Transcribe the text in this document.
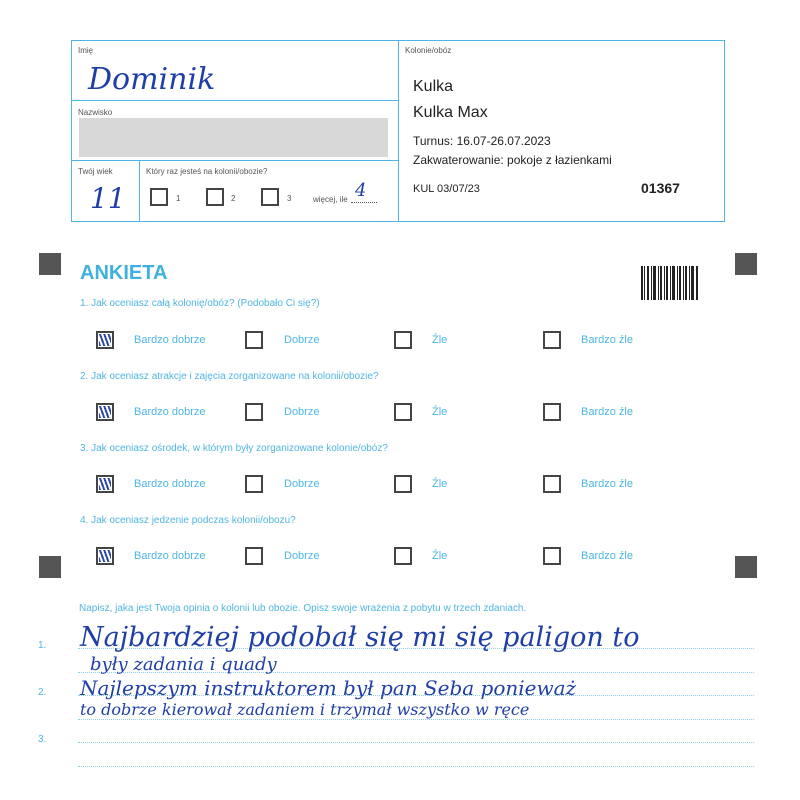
Imię
Dominik
Nazwisko
Twój wiek
11
Który raz jesteś na kolonii/obozie?
1	2	3	więcej, ile 4
Kolonie/obóz
Kulka
Kulka Max
Turnus: 16.07-26.07.2023
Zakwaterowanie: pokoje z łazienkami
KUL 03/07/23	01367
ANKIETA
1. Jak oceniasz całą kolonię/obóz? (Podobało Ci się?)
Bardzo dobrze	Dobrze	Źle	Bardzo źle
2. Jak oceniasz atrakcje i zajęcia zorganizowane na kolonii/obozie?
Bardzo dobrze	Dobrze	Źle	Bardzo źle
3. Jak oceniasz ośrodek, w którym były zorganizowane kolonie/obóz?
Bardzo dobrze	Dobrze	Źle	Bardzo źle
4. Jak oceniasz jedzenie podczas kolonii/obozu?
Bardzo dobrze	Dobrze	Źle	Bardzo źle
Napisz, jaka jest Twoja opinia o kolonii lub obozie. Opisz swoje wrażenia z pobytu w trzech zdaniach.
1.
2.
3.
Najbardziej podobał się mi się paligon to
były zadania i quady
Najlepszym instruktorem był pan Seba ponieważ
to dobrze kierował zadaniem i trzymał wszystko w ręce
